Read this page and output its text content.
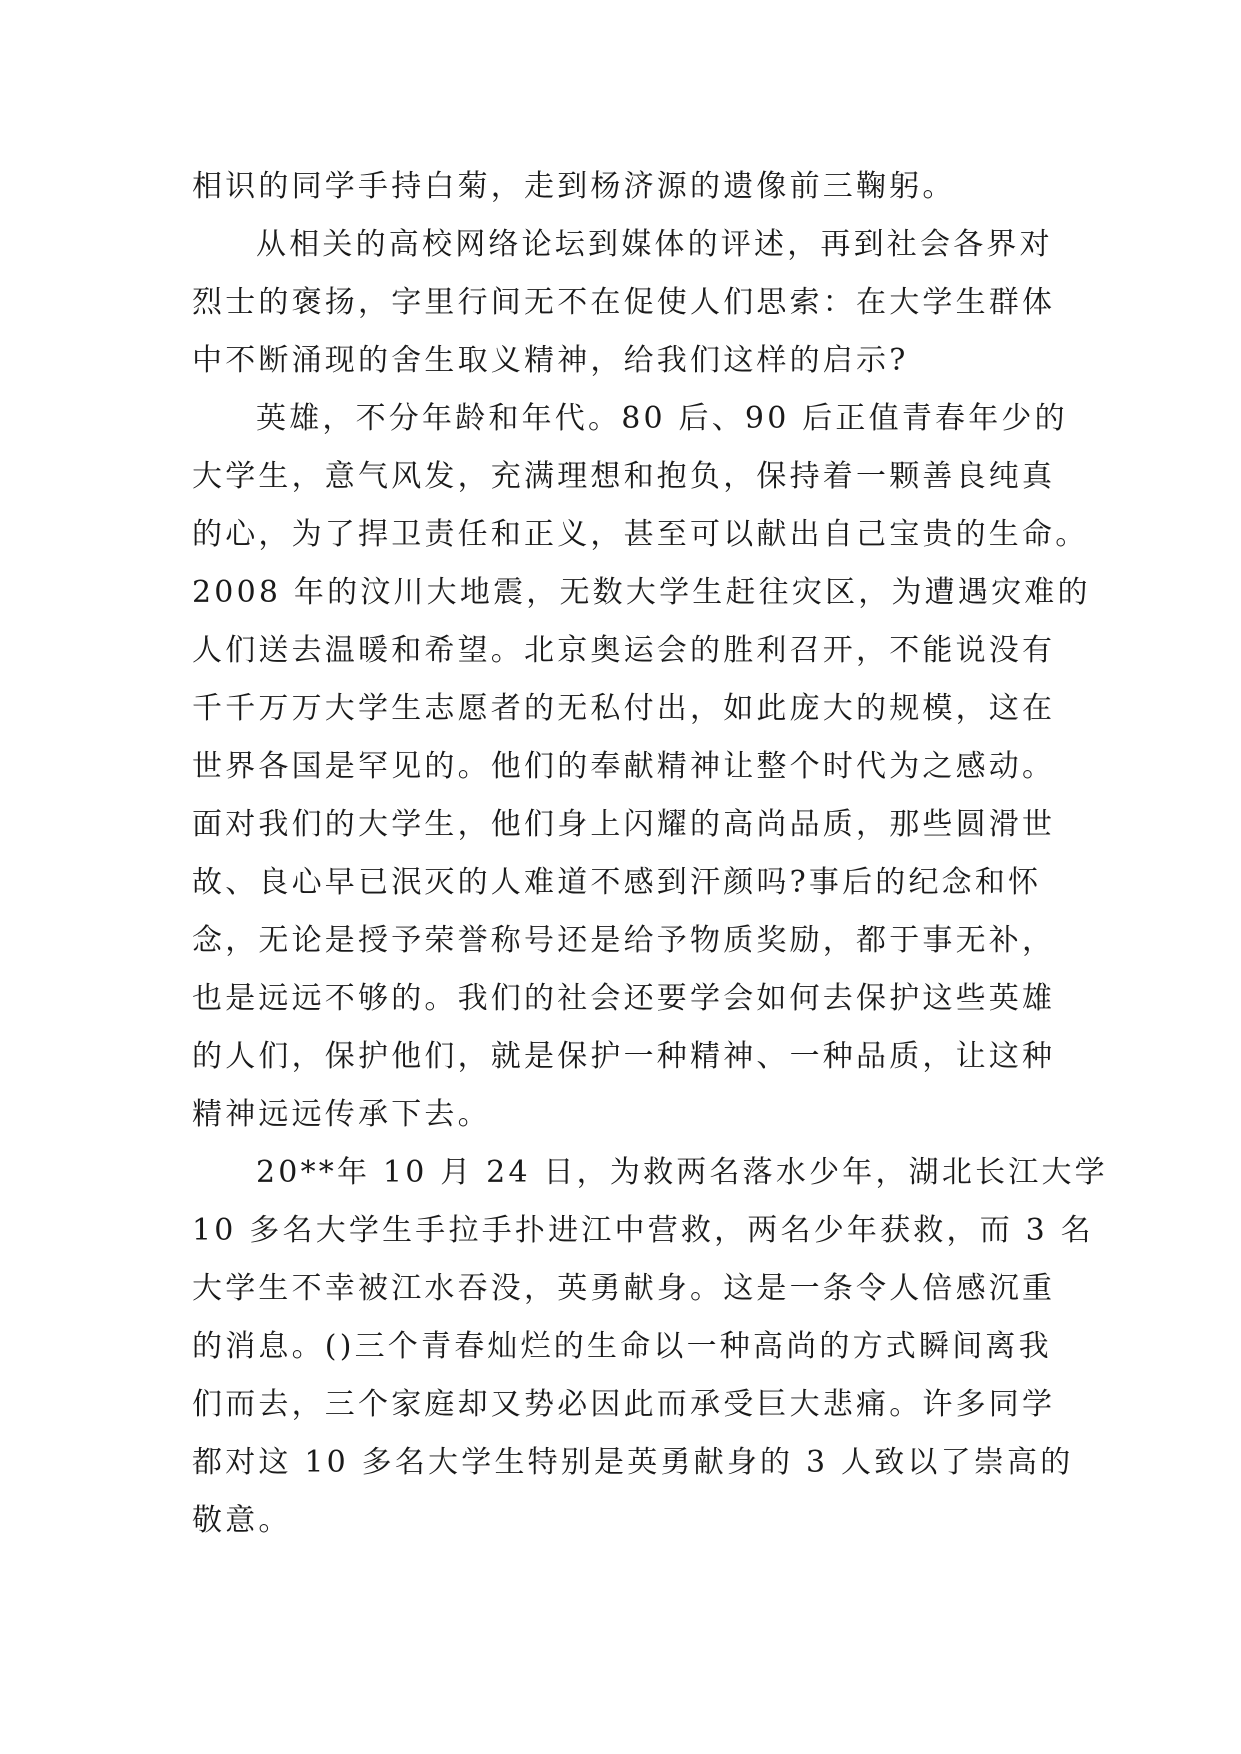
相识的同学手持白菊，走到杨济源的遗像前三鞠躬。
从相关的高校网络论坛到媒体的评述，再到社会各界对
烈士的褒扬，字里行间无不在促使人们思索：在大学生群体
中不断涌现的舍生取义精神，给我们这样的启示?
英雄，不分年龄和年代。80 后、90 后正值青春年少的
大学生，意气风发，充满理想和抱负，保持着一颗善良纯真
的心，为了捍卫责任和正义，甚至可以献出自己宝贵的生命。
2008 年的汶川大地震，无数大学生赶往灾区，为遭遇灾难的
人们送去温暖和希望。北京奥运会的胜利召开，不能说没有
千千万万大学生志愿者的无私付出，如此庞大的规模，这在
世界各国是罕见的。他们的奉献精神让整个时代为之感动。
面对我们的大学生，他们身上闪耀的高尚品质，那些圆滑世
故、良心早已泯灭的人难道不感到汗颜吗?事后的纪念和怀
念，无论是授予荣誉称号还是给予物质奖励，都于事无补，
也是远远不够的。我们的社会还要学会如何去保护这些英雄
的人们，保护他们，就是保护一种精神、一种品质，让这种
精神远远传承下去。
20**年 10 月 24 日，为救两名落水少年，湖北长江大学
10 多名大学生手拉手扑进江中营救，两名少年获救，而 3 名
大学生不幸被江水吞没，英勇献身。这是一条令人倍感沉重
的消息。()三个青春灿烂的生命以一种高尚的方式瞬间离我
们而去，三个家庭却又势必因此而承受巨大悲痛。许多同学
都对这 10 多名大学生特别是英勇献身的 3 人致以了崇高的
敬意。
